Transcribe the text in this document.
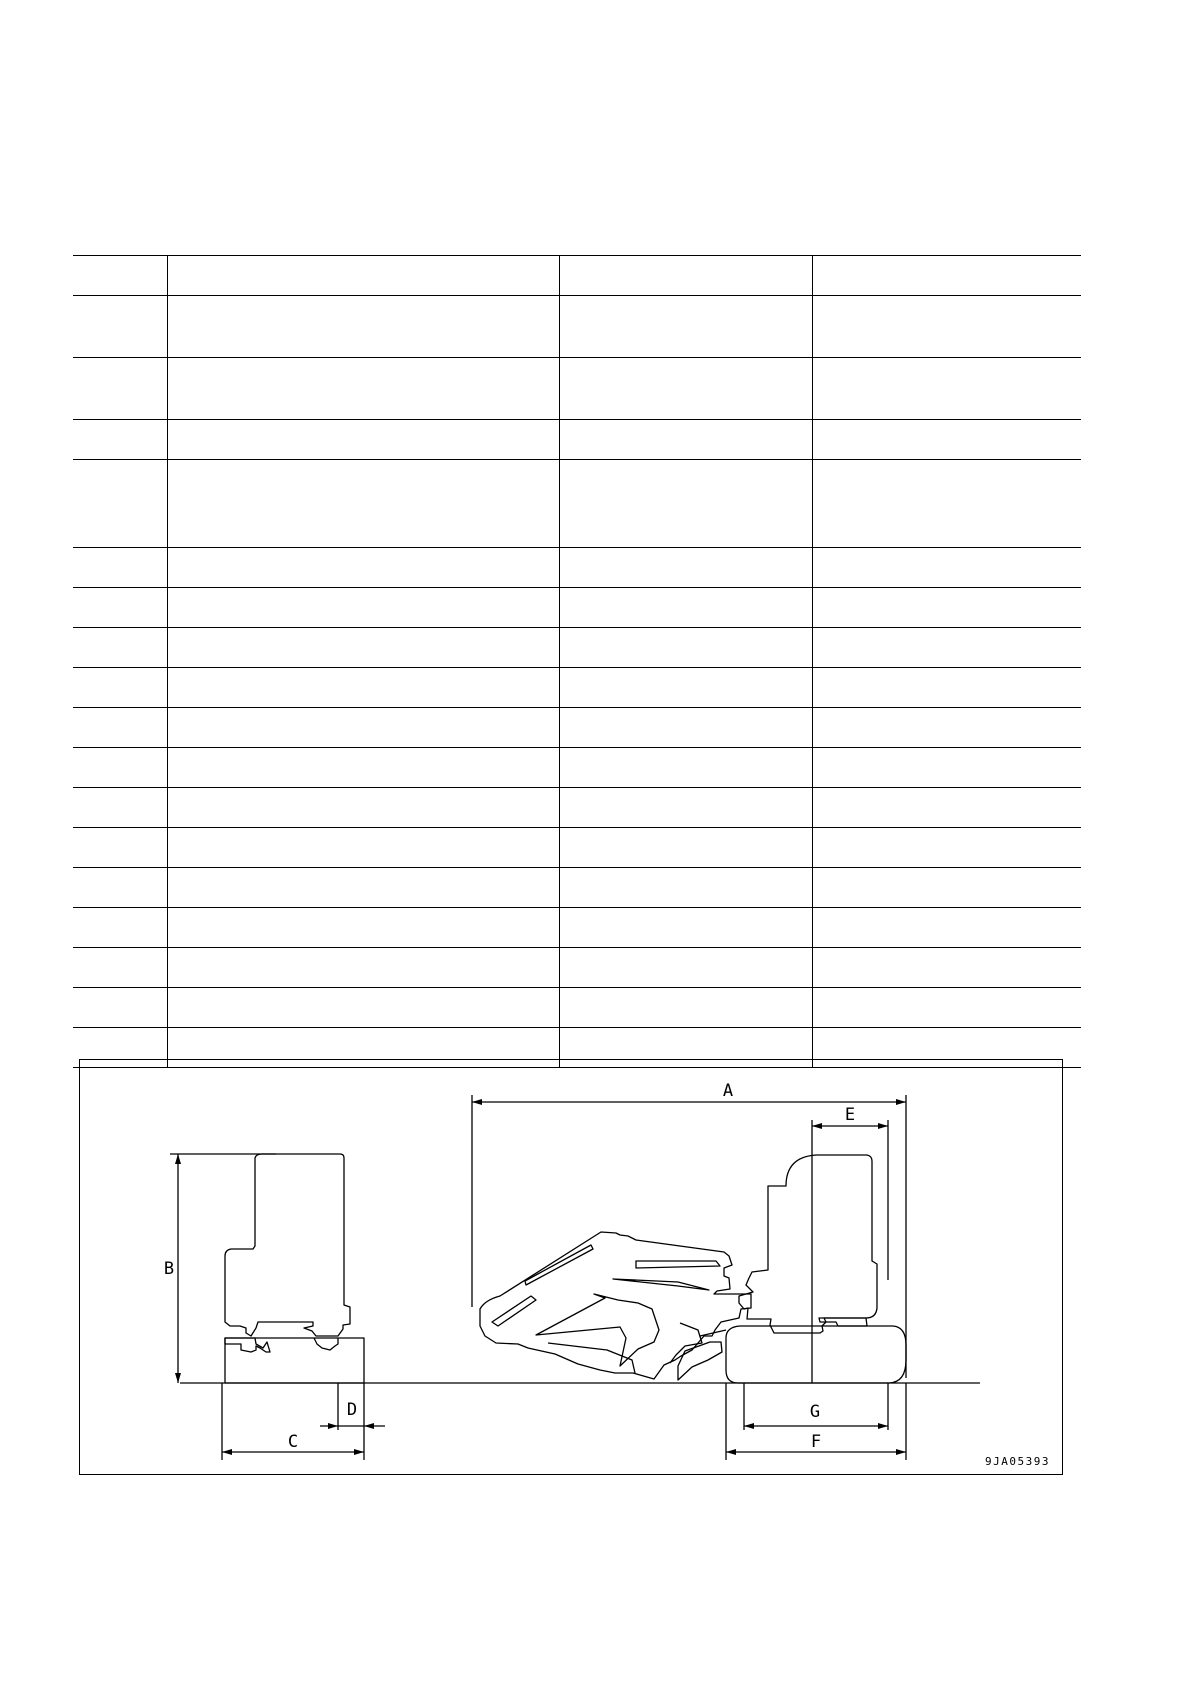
A
E
B
C
D	G
F
9JA05393
